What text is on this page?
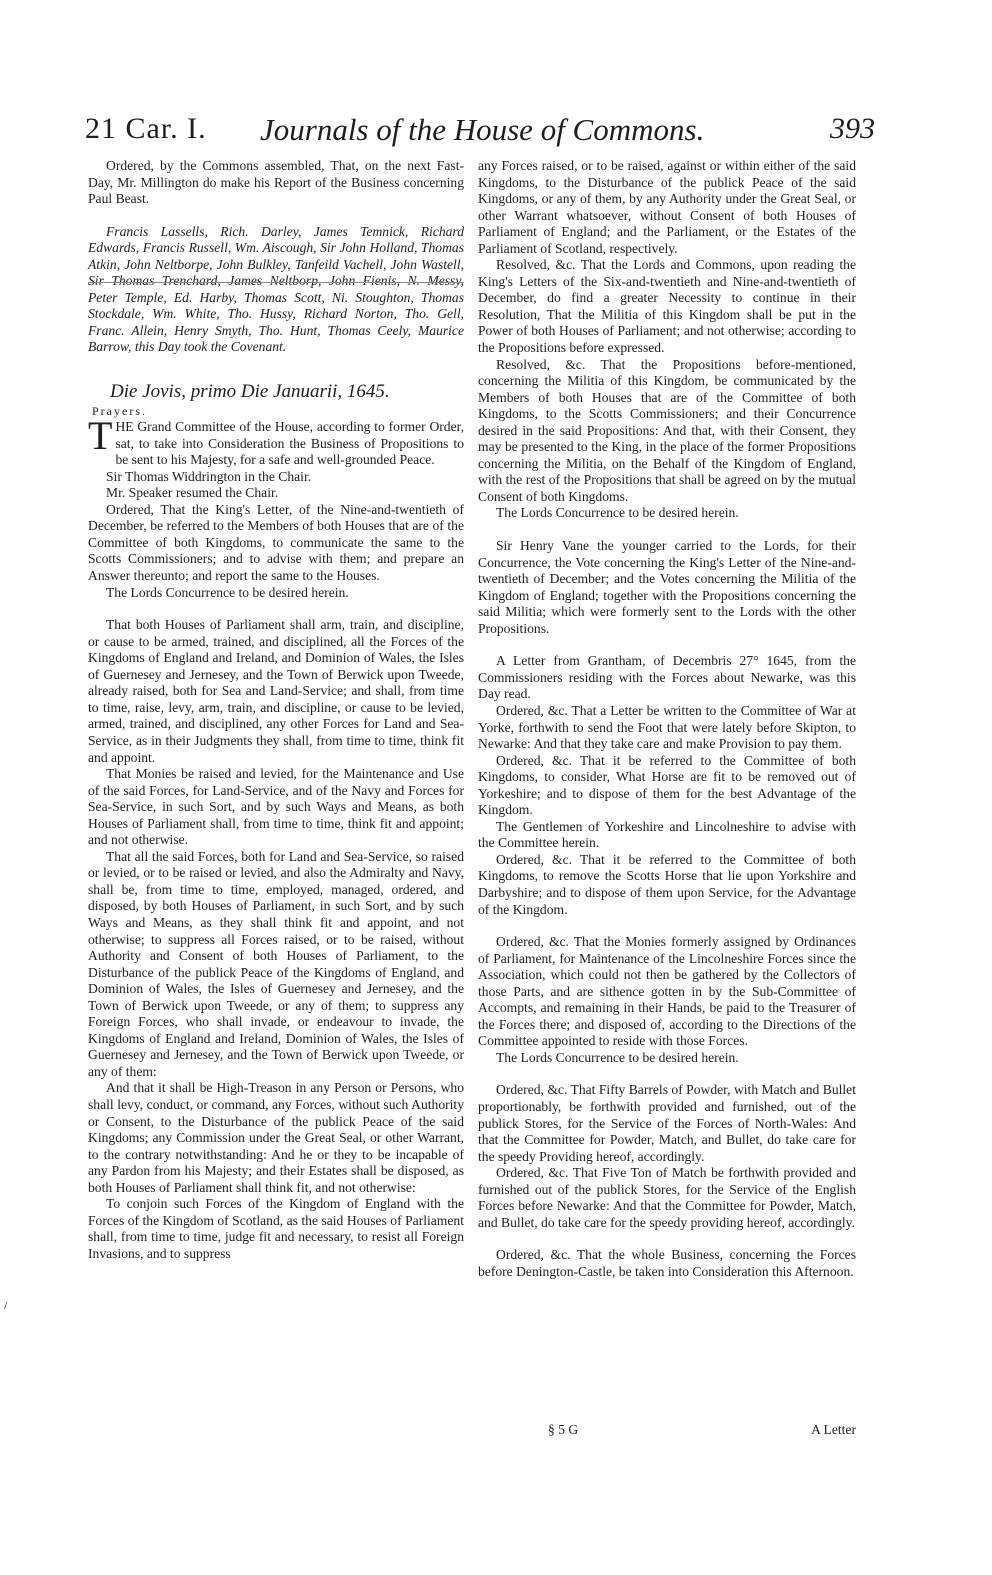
21 Car. I. Journals of the House of Commons.	393

Ordered, by the Commons assembled, That, on the next Fast-Day, Mr. Millington do make his Report of the Business concerning Paul Beast.

Francis Lassells, Rich. Darley, James Temnick, Richard Edwards, Francis Russell, Wm. Aiscough, Sir John Holland, Thomas Atkin, John Neltborpe, John Bulkley, Tanfeild Vachell, John Wastell, Sir Thomas Trenchard, James Neltborp, John Fienis, N. Messy, Peter Temple, Ed. Harby, Thomas Scott, Ni. Stoughton, Thomas Stockdale, Wm. White, Tho. Hussy, Richard Norton, Tho. Gell, Franc. Allein, Henry Smyth, Tho. Hunt, Thomas Ceely, Maurice Barrow, this Day took the Covenant.

Die Jovis, primo Die Januarii, 1645.
Prayers.

THE Grand Committee of the House, according to former Order, sat, to take into Consideration the Business of Propositions to be sent to his Majesty, for a safe and well-grounded Peace.

Sir Thomas Widdrington in the Chair.

Mr. Speaker resumed the Chair.

Ordered, That the King's Letter, of the Nine-and-twentieth of December, be referred to the Members of both Houses that are of the Committee of both Kingdoms, to communicate the same to the Scotts Commissioners; and to advise with them; and prepare an Answer thereunto; and report the same to the Houses.

The Lords Concurrence to be desired herein.

That both Houses of Parliament shall arm, train, and discipline, or cause to be armed, trained, and disciplined, all the Forces of the Kingdoms of England and Ireland, and Dominion of Wales, the Isles of Guernesey and Jernesey, and the Town of Berwick upon Tweede, already raised, both for Sea and Land-Service; and shall, from time to time, raise, levy, arm, train, and discipline, or cause to be levied, armed, trained, and disciplined, any other Forces for Land and Sea-Service, as in their Judgments they shall, from time to time, think fit and appoint.

That Monies be raised and levied, for the Maintenance and Use of the said Forces, for Land-Service, and of the Navy and Forces for Sea-Service, in such Sort, and by such Ways and Means, as both Houses of Parliament shall, from time to time, think fit and appoint; and not otherwise.

That all the said Forces, both for Land and Sea-Service, so raised or levied, or to be raised or levied, and also the Admiralty and Navy, shall be, from time to time, employed, managed, ordered, and disposed, by both Houses of Parliament, in such Sort, and by such Ways and Means, as they shall think fit and appoint, and not otherwise; to suppress all Forces raised, or to be raised, without Authority and Consent of both Houses of Parliament, to the Disturbance of the publick Peace of the Kingdoms of England, and Dominion of Wales, the Isles of Guernesey and Jernesey, and the Town of Berwick upon Tweede, or any of them; to suppress any Foreign Forces, who shall invade, or endeavour to invade, the Kingdoms of England and Ireland, Dominion of Wales, the Isles of Guernesey and Jernesey, and the Town of Berwick upon Tweede, or any of them:

And that it shall be High-Treason in any Person or Persons, who shall levy, conduct, or command, any Forces, without such Authority or Consent, to the Disturbance of the publick Peace of the said Kingdoms; any Commission under the Great Seal, or other Warrant, to the contrary notwithstanding: And he or they to be incapable of any Pardon from his Majesty; and their Estates shall be disposed, as both Houses of Parliament shall think fit, and not otherwise:

To conjoin such Forces of the Kingdom of England with the Forces of the Kingdom of Scotland, as the said Houses of Parliament shall, from time to time, judge fit and necessary, to resist all Foreign Invasions, and to suppress

any Forces raised, or to be raised, against or within either of the said Kingdoms, to the Disturbance of the publick Peace of the said Kingdoms, or any of them, by any Authority under the Great Seal, or other Warrant whatsoever, without Consent of both Houses of Parliament of England; and the Parliament, or the Estates of the Parliament of Scotland, respectively.

Resolved, &c. That the Lords and Commons, upon reading the King's Letters of the Six-and-twentieth and Nine-and-twentieth of December, do find a greater Necessity to continue in their Resolution, That the Militia of this Kingdom shall be put in the Power of both Houses of Parliament; and not otherwise; according to the Propositions before expressed.

Resolved, &c. That the Propositions before-mentioned, concerning the Militia of this Kingdom, be communicated by the Members of both Houses that are of the Committee of both Kingdoms, to the Scotts Commissioners; and their Concurrence desired in the said Propositions: And that, with their Consent, they may be presented to the King, in the place of the former Propositions concerning the Militia, on the Behalf of the Kingdom of England, with the rest of the Propositions that shall be agreed on by the mutual Consent of both Kingdoms.

The Lords Concurrence to be desired herein.

Sir Henry Vane the younger carried to the Lords, for their Concurrence, the Vote concerning the King's Letter of the Nine-and-twentieth of December; and the Votes concerning the Militia of the Kingdom of England; together with the Propositions concerning the said Militia; which were formerly sent to the Lords with the other Propositions.

A Letter from Grantham, of Decembris 27° 1645, from the Commissioners residing with the Forces about Newarke, was this Day read.

Ordered, &c. That a Letter be written to the Committee of War at Yorke, forthwith to send the Foot that were lately before Skipton, to Newarke: And that they take care and make Provision to pay them.

Ordered, &c. That it be referred to the Committee of both Kingdoms, to consider, What Horse are fit to be removed out of Yorkeshire; and to dispose of them for the best Advantage of the Kingdom.

The Gentlemen of Yorkeshire and Lincolneshire to advise with the Committee herein.

Ordered, &c. That it be referred to the Committee of both Kingdoms, to remove the Scotts Horse that lie upon Yorkshire and Darbyshire; and to dispose of them upon Service, for the Advantage of the Kingdom.

Ordered, &c. That the Monies formerly assigned by Ordinances of Parliament, for Maintenance of the Lincolneshire Forces since the Association, which could not then be gathered by the Collectors of those Parts, and are sithence gotten in by the Sub-Committee of Accompts, and remaining in their Hands, be paid to the Treasurer of the Forces there; and disposed of, according to the Directions of the Committee appointed to reside with those Forces.

The Lords Concurrence to be desired herein.

Ordered, &c. That Fifty Barrels of Powder, with Match and Bullet proportionably, be forthwith provided and furnished, out of the publick Stores, for the Service of the Forces of North-Wales: And that the Committee for Powder, Match, and Bullet, do take care for the speedy Providing hereof, accordingly.

Ordered, &c. That Five Ton of Match be forthwith provided and furnished out of the publick Stores, for the Service of the English Forces before Newarke: And that the Committee for Powder, Match, and Bullet, do take care for the speedy providing hereof, accordingly.

Ordered, &c. That the whole Business, concerning the Forces before Denington-Castle, be taken into Consideration this Afternoon.

§ 5 G	A Letter
/
